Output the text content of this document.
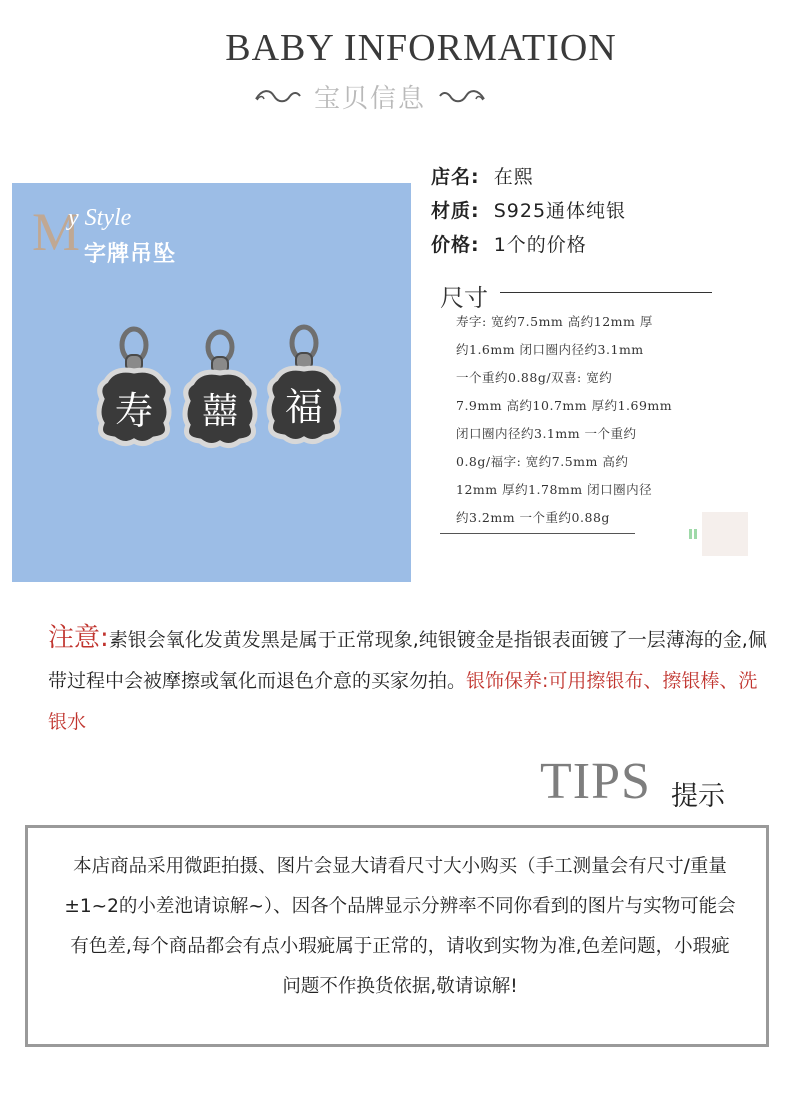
BABY INFORMATION
宝贝信息
M
y Style
字牌吊坠
寿 囍 福
店名: 在熙
材质: S925通体纯银
价格: 1个的价格
尺寸
寿字: 宽约7.5mm 高约12mm 厚
约1.6mm 闭口圈内径约3.1mm
一个重约0.88g/双喜: 宽约
7.9mm 高约10.7mm 厚约1.69mm
闭口圈内径约3.1mm 一个重约
0.8g/福字: 宽约7.5mm 高约
12mm 厚约1.78mm 闭口圈内径
约3.2mm 一个重约0.88g
注意:素银会氧化发黄发黑是属于正常现象,纯银镀金是指银表面镀了一层薄海的金,佩带过程中会被摩擦或氧化而退色介意的买家勿拍。银饰保养:可用擦银布、擦银棒、洗银水
TIPS 提示
本店商品采用微距拍摄、图片会显大请看尺寸大小购买（手工测量会有尺寸/重量±1~2的小差池请谅解~）、因各个品牌显示分辨率不同你看到的图片与实物可能会有色差,每个商品都会有点小瑕疵属于正常的，请收到实物为准,色差问题，小瑕疵问题不作换货依据,敬请谅解!
